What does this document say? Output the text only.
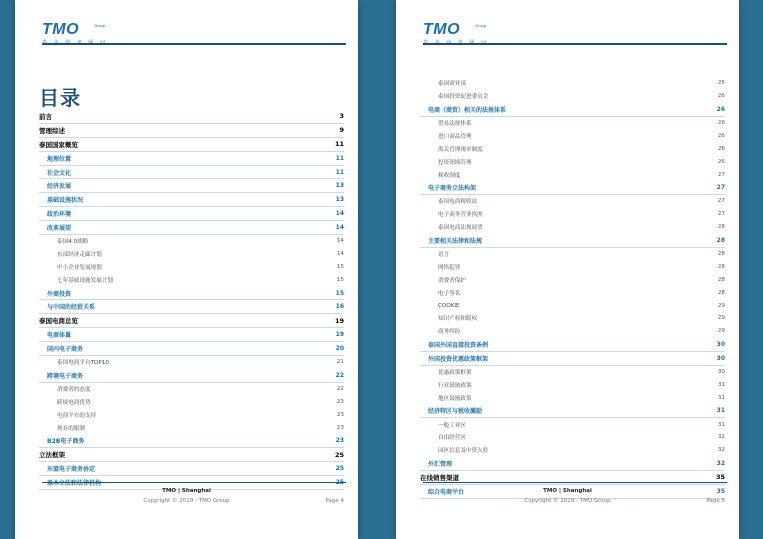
TMO	Group
泰 美 商 务 顾 问
目录
前言	3
管理综述	9
泰国国家概览	11
地理位置	11
社会文化	11
经济发展	13
基础设施状况	13
政治环境	14
改革展望	14
泰国4.0战略	14
东部经济走廊计划	14
中小企业发展规划	15
七年基础设施发展计划	15
外商投资	15
与中国的经贸关系	16
泰国电商总览	19
电商体量	19
国内电子商务	20
泰国电商平台TOP10	21
跨境电子商务	22
消费者的态度	22
跨境电商优势	23
电商平台的支持	23
现有的限制	23
B2B电子商务	23
立法框架	25
东盟电子商务协定	25
基本立法和法律机构	25
TMO | Shanghai
Copyright © 2019 - TMO Group	Page 4
TMO	Group
泰 美 商 务 顾 问
泰国商业部	25
泰国投资促进委员会	26
电商（商贸）相关的法规体系	26
贸易法规体系	26
进口商品管理	26
海关管理规章制度	26
投资领域管理	26
税收制度	27
电子商务立法构架	27
泰国电商税收法	27
电子商务营业执照	27
泰国电商法规展望	28
主要相关法律和法规	28
语言	28
网络犯罪	28
消费者保护	28
电子签名	28
COOKIE	29
知识产权和版权	29
商务纠纷	29
泰国外国直接投资条例	30
外国投资优惠政策框架	30
优惠政策框架	30
行业鼓励政策	31
地区鼓励政策	31
经济特区与税收激励	31
一般工业区	31
自由经营区	32
园区信息及中资入驻	32
外汇管理	32
在线销售渠道	35
综合电商平台	35
TMO | Shanghai
Copyright © 2019 - TMO Group	Page 5
